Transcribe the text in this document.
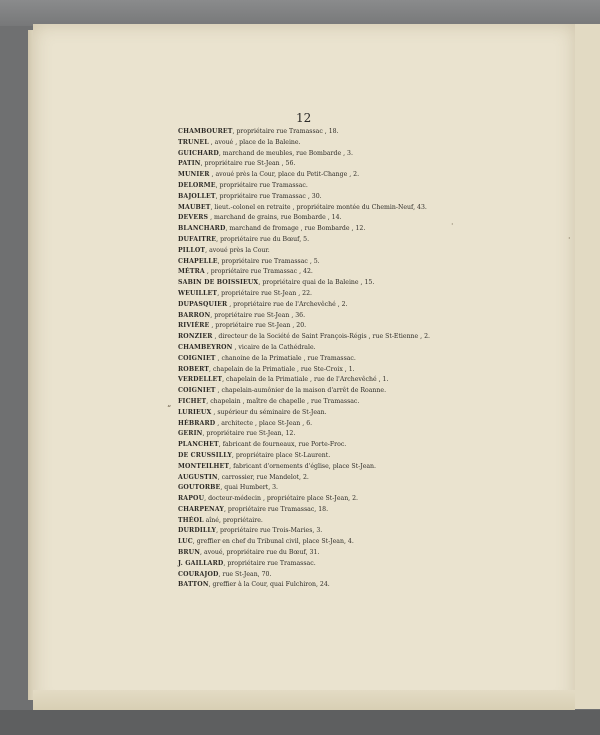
12
CHAMBOURET, propriétaire rue Tramassac , 18.
TRUNEL , avoué , place de la Baleine.
GUICHARD, marchand de meubles, rue Bombarde , 3.
PATIN, propriétaire rue St-Jean , 56.
MUNIER , avoué près la Cour, place du Petit-Change , 2.
DELORME, propriétaire rue Tramassac.
BAJOLLET, propriétaire rue Tramassac , 30.
MAUBET, lieut.-colonel en retraite , propriétaire montée du Chemin-Neuf, 43.
DEVERS , marchand de grains, rue Bombarde , 14.
BLANCHARD, marchand de fromage , rue Bombarde , 12.
DUFAITRE, propriétaire rue du Bœuf, 5.
PILLOT, avoué près la Cour.
CHAPELLE, propriétaire rue Tramassac , 5.
MÉTRA , propriétaire rue Tramassac , 42.
SABIN DE BOISSIEUX, propriétaire quai de la Baleine , 15.
WEUILLET, propriétaire rue St-Jean , 22.
DUPASQUIER , propriétaire rue de l'Archevêché , 2.
BARRON, propriétaire rue St-Jean , 36.
RIVIÈRE , propriétaire rue St-Jean , 20.
RONZIER , directeur de la Société de Saint François-Régis , rue St-Etienne , 2.
CHAMBEYRON , vicaire de la Cathédrale.
COIGNIET , chanoine de la Primatiale , rue Tramassac.
ROBERT, chapelain de la Primatiale , rue Ste-Croix , 1.
VERDELLET, chapelain de la Primatiale , rue de l'Archevêché , 1.
COIGNIET , chapelain-aumônier de la maison d'arrêt de Roanne.
FICHET, chapelain , maître de chapelle , rue Tramassac.
LURIEUX , supérieur du séminaire de St-Jean.
HÉBRARD , architecte , place St-Jean , 6.
GERIN, propriétaire rue St-Jean, 12.
PLANCHET, fabricant de fourneaux, rue Porte-Froc.
DE CRUSSILLY, propriétaire place St-Laurent.
MONTEILHET, fabricant d'ornements d'église, place St-Jean.
AUGUSTIN, carrossier, rue Mandelot, 2.
GOUTORBE, quai Humbert, 3.
RAPOU, docteur-médecin , propriétaire place St-Jean, 2.
CHARPENAY, propriétaire rue Tramassac, 18.
THÉOL aîné, propriétaire.
DURDILLY, propriétaire rue Trois-Maries, 3.
LUC, greffier en chef du Tribunal civil, place St-Jean, 4.
BRUN, avoué, propriétaire rue du Bœuf, 31.
J. GAILLARD, propriétaire rue Tramassac.
COURAJOD, rue St-Jean, 70.
BATTON, greffier à la Cour, quai Fulchiron, 24.
“
·
·
